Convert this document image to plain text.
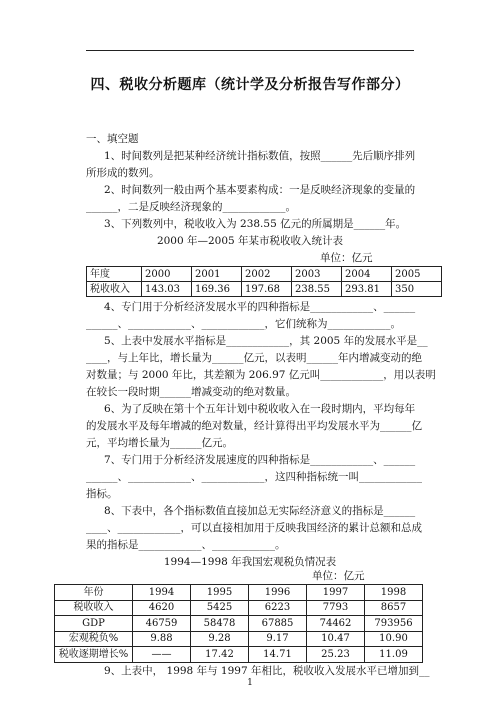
四、税收分析题库（统计学及分析报告写作部分）
一、填空题
1、时间数列是把某种经济统计指标数值，按照______先后顺序排列
所形成的数列。
2、时间数列一般由两个基本要素构成：一是反映经济现象的变量的
______，二是反映经济现象的____________。
3、下列数列中，税收收入为 238.55 亿元的所属期是______年。
2000 年—2005 年某市税收收入统计表
单位：亿元
年度	2000	2001	2002	2003	2004	2005
税收收入	143.03	169.36	197.68	238.55	293.81	350
4、专门用于分析经济发展水平的四种指标是____________、______
______、____________、____________，它们统称为____________。
5、上表中发展水平指标是____________，其 2005 年的发展水平是__
____，与上年比，增长量为______亿元，以表明______年内增减变动的绝
对数量；与 2000 年比，其差额为 206.97 亿元叫____________，用以表明
在较长一段时期______增减变动的绝对数量。
6、为了反映在第十个五年计划中税收收入在一段时期内，平均每年
的发展水平及每年增减的绝对数量，经计算得出平均发展水平为______亿
元，平均增长量为______亿元。
7、专门用于分析经济发展速度的四种指标是____________、______
______、____________、____________，这四种指标统一叫____________
指标。
8、下表中，各个指标数值直接加总无实际经济意义的指标是______
____、____________，可以直接相加用于反映我国经济的累计总额和总成
果的指标是____________、____________。
1994—1998 年我国宏观税负情况表
单位：亿元
年份	1994	1995	1996	1997	1998
税收收入	4620	5425	6223	7793	8657
GDP	46759	58478	67885	74462	793956
宏观税负%	9.88	9.28	9.17	10.47	10.90
税收逐期增长%	——	17.42	14.71	25.23	11.09
9、上表中， 1998 年与 1997 年相比，税收收入发展水平已增加到__
1
